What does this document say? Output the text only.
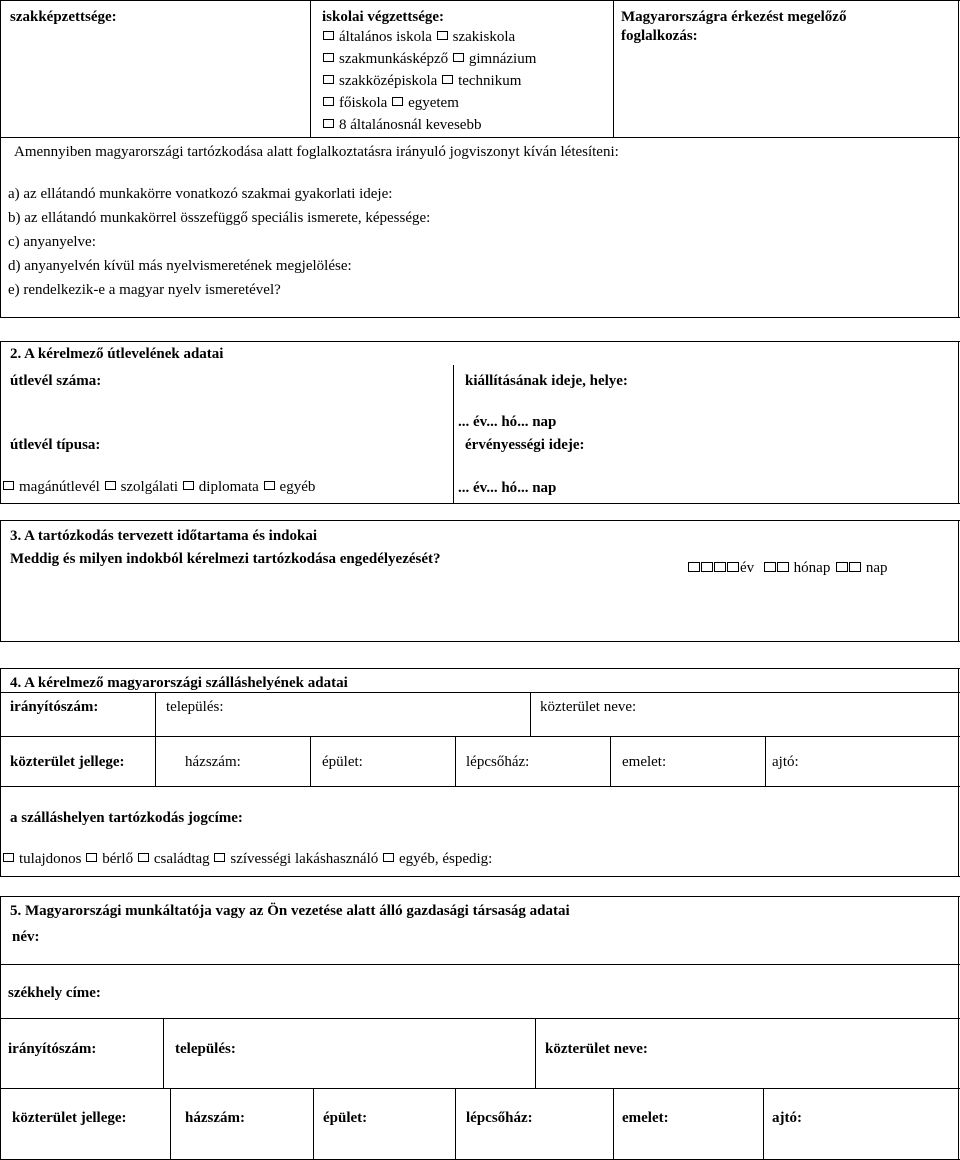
szakképzettsége:	iskolai végzettsége:
általános iskola szakiskola
szakmunkásképző gimnázium
szakközépiskola technikum
főiskola egyetem
8 általánosnál kevesebb
Magyarországra érkezést megelőző
foglalkozás:
Amennyiben magyarországi tartózkodása alatt foglalkoztatásra irányuló jogviszonyt kíván létesíteni:
a) az ellátandó munkakörre vonatkozó szakmai gyakorlati ideje:
b) az ellátandó munkakörrel összefüggő speciális ismerete, képessége:
c) anyanyelve:
d) anyanyelvén kívül más nyelvismeretének megjelölése:
e) rendelkezik-e a magyar nyelv ismeretével?
2. A kérelmező útlevelének adatai
útlevél száma:	kiállításának ideje, helye:
... év... hó... nap
útlevél típusa:	érvényességi ideje:
magánútlevél szolgálati diplomata egyéb	... év... hó... nap
3. A tartózkodás tervezett időtartama és indokai
Meddig és milyen indokból kérelmezi tartózkodása engedélyezését?
év	hónap nap
4. A kérelmező magyarországi szálláshelyének adatai
irányítószám:	település:	közterület neve:
közterület jellege:	házszám:	épület:	lépcsőház:	emelet:	ajtó:
a szálláshelyen tartózkodás jogcíme:
tulajdonos bérlő családtag szívességi lakáshasználó egyéb, éspedig:
5. Magyarországi munkáltatója vagy az Ön vezetése alatt álló gazdasági társaság adatai
név:
székhely címe:
irányítószám:	település:	közterület neve:
közterület jellege:	házszám:	épület:	lépcsőház:	emelet:	ajtó:
